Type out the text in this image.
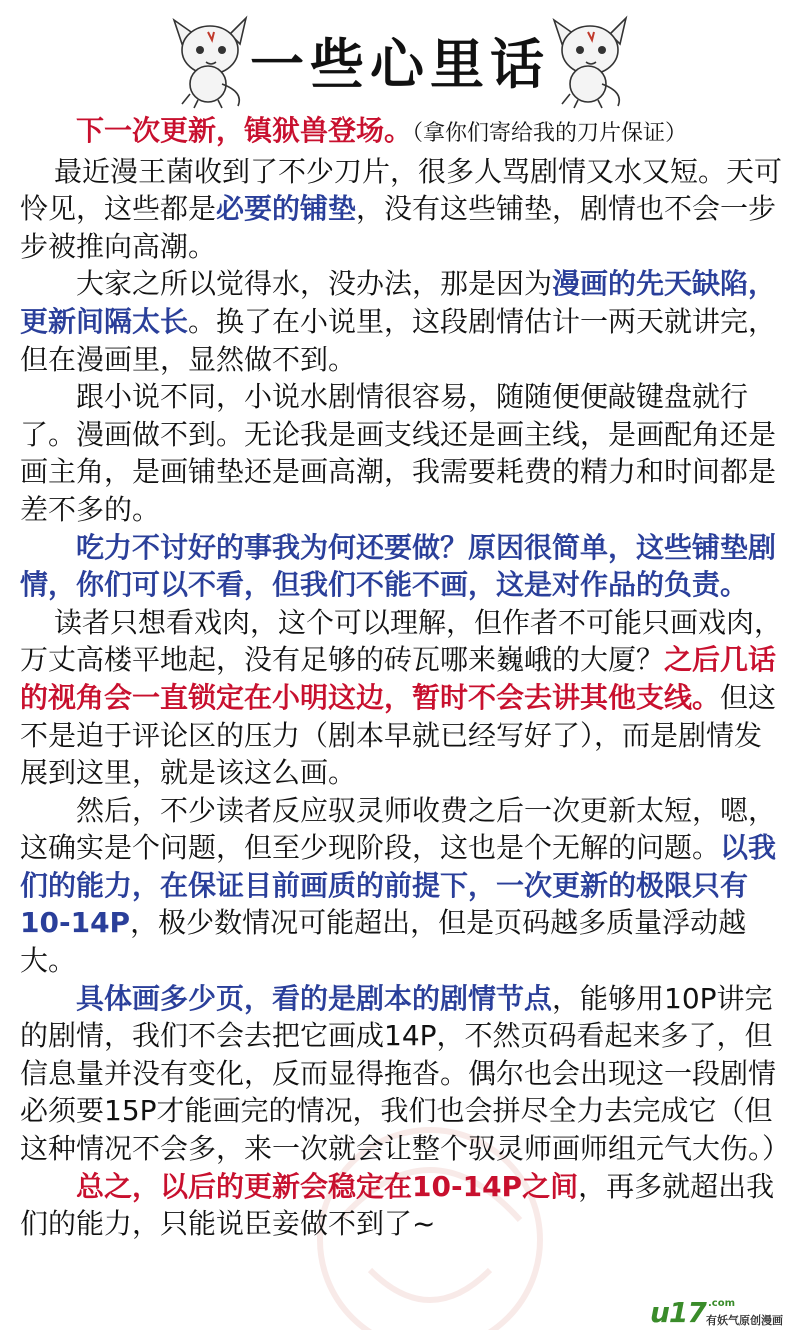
一些心里话

下一次更新，镇狱兽登场。（拿你们寄给我的刀片保证）

最近漫王菌收到了不少刀片，很多人骂剧情又水又短。天可怜见，这些都是必要的铺垫，没有这些铺垫，剧情也不会一步步被推向高潮。

大家之所以觉得水，没办法，那是因为漫画的先天缺陷，更新间隔太长。换了在小说里，这段剧情估计一两天就讲完，但在漫画里，显然做不到。

跟小说不同，小说水剧情很容易，随随便便敲键盘就行了。漫画做不到。无论我是画支线还是画主线，是画配角还是画主角，是画铺垫还是画高潮，我需要耗费的精力和时间都是差不多的。

吃力不讨好的事我为何还要做？原因很简单，这些铺垫剧情，你们可以不看，但我们不能不画，这是对作品的负责。

读者只想看戏肉，这个可以理解，但作者不可能只画戏肉，万丈高楼平地起，没有足够的砖瓦哪来巍峨的大厦？之后几话的视角会一直锁定在小明这边，暂时不会去讲其他支线。但这不是迫于评论区的压力（剧本早就已经写好了），而是剧情发展到这里，就是该这么画。

然后，不少读者反应驭灵师收费之后一次更新太短，嗯，这确实是个问题，但至少现阶段，这也是个无解的问题。以我们的能力，在保证目前画质的前提下，一次更新的极限只有10-14P，极少数情况可能超出，但是页码越多质量浮动越大。

具体画多少页，看的是剧本的剧情节点，能够用10P讲完的剧情，我们不会去把它画成14P，不然页码看起来多了，但信息量并没有变化，反而显得拖沓。偶尔也会出现这一段剧情必须要15P才能画完的情况，我们也会拼尽全力去完成它（但这种情况不会多，来一次就会让整个驭灵师画师组元气大伤。）

总之，以后的更新会稳定在10-14P之间，再多就超出我们的能力，只能说臣妾做不到了~

u17 .com
有妖气原创漫画
